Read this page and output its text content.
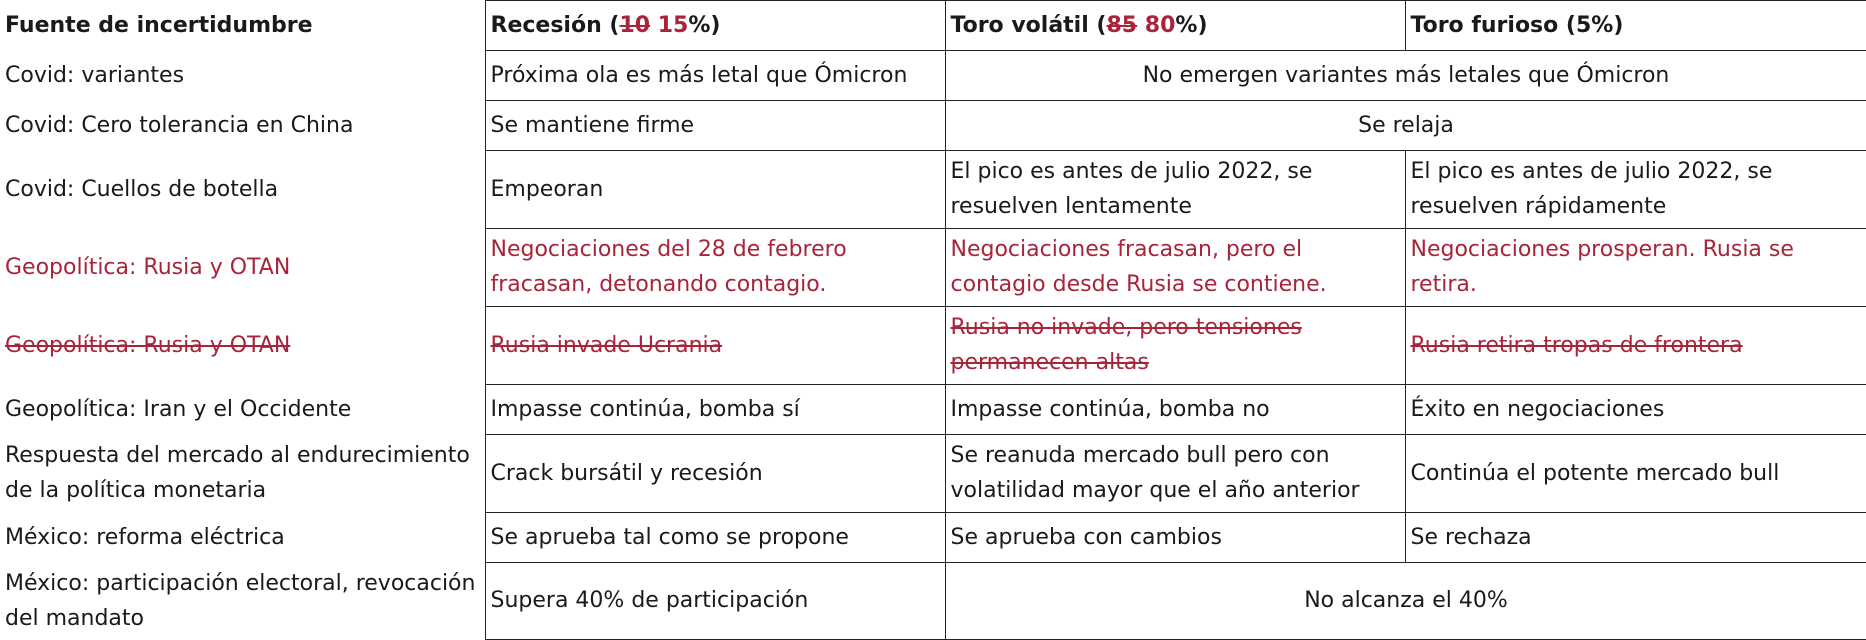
Fuente de incertidumbre	Recesión (10 15%)	Toro volátil (85 80%)	Toro furioso (5%)
Covid: variantes	Próxima ola es más letal que Ómicron	No emergen variantes más letales que Ómicron	
Covid: Cero tolerancia en China	Se mantiene firme	Se relaja	
Covid: Cuellos de botella	Empeoran	El pico es antes de julio 2022, se resuelven lentamente	El pico es antes de julio 2022, se resuelven rápidamente
Geopolítica: Rusia y OTAN	Negociaciones del 28 de febrero fracasan, detonando contagio.	Negociaciones fracasan, pero el contagio desde Rusia se contiene.	Negociaciones prosperan. Rusia se retira.
Geopolítica: Rusia y OTAN	Rusia invade Ucrania	Rusia no invade, pero tensiones permanecen altas	Rusia retira tropas de frontera
Geopolítica: Iran y el Occidente	Impasse continúa, bomba sí	Impasse continúa, bomba no	Éxito en negociaciones
Respuesta del mercado al endurecimiento de la política monetaria	Crack bursátil y recesión	Se reanuda mercado bull pero con volatilidad mayor que el año anterior	Continúa el potente mercado bull
México: reforma eléctrica	Se aprueba tal como se propone	Se aprueba con cambios	Se rechaza
México: participación electoral, revocación del mandato	Supera 40% de participación	No alcanza el 40%	
